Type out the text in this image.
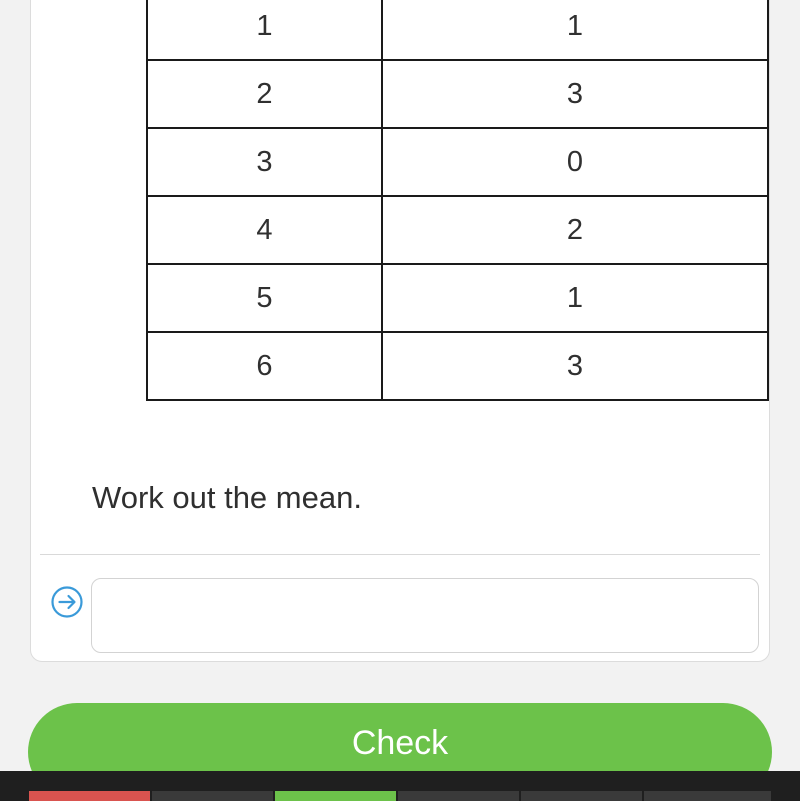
1	1
2	3
3	0
4	2
5	1
6	3
Work out the mean.
Check
